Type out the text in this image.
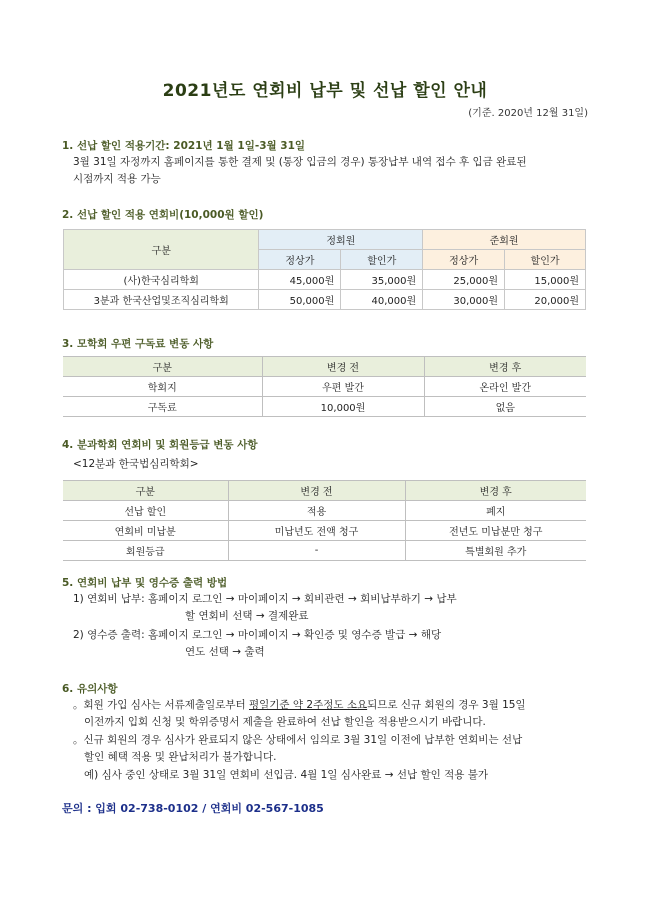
2021년도 연회비 납부 및 선납 할인 안내
(기준. 2020년 12월 31일)
1. 선납 할인 적용기간: 2021년 1월 1일-3월 31일
3월 31일 자정까지 홈페이지를 통한 결제 및 (통장 입금의 경우) 통장납부 내역 접수 후 입금 완료된
시점까지 적용 가능
2. 선납 할인 적용 연회비(10,000원 할인)
구분	정회원		준회원	
	정상가	할인가	정상가	할인가
(사)한국심리학회	45,000원	35,000원	25,000원	15,000원
3분과 한국산업및조직심리학회	50,000원	40,000원	30,000원	20,000원
3. 모학회 우편 구독료 변동 사항
구분	변경 전	변경 후
학회지	우편 발간	온라인 발간
구독료	10,000원	없음
4. 분과학회 연회비 및 회원등급 변동 사항
<12분과 한국법심리학회>
구분	변경 전	변경 후
선납 할인	적용	폐지
연회비 미납분	미납년도 전액 청구	전년도 미납분만 청구
회원등급	-	특별회원 추가
5. 연회비 납부 및 영수증 출력 방법
1) 연회비 납부: 홈페이지 로그인 → 마이페이지 → 회비관련 → 회비납부하기 → 납부
할 연회비 선택 → 결제완료
2) 영수증 출력: 홈페이지 로그인 → 마이페이지 → 확인증 및 영수증 발급 → 해당
연도 선택 → 출력
6. 유의사항
。회원 가입 심사는 서류제출일로부터 평일기준 약 2주정도 소요되므로 신규 회원의 경우 3월 15일
이전까지 입회 신청 및 학위증명서 제출을 완료하여 선납 할인을 적용받으시기 바랍니다.
。신규 회원의 경우 심사가 완료되지 않은 상태에서 임의로 3월 31일 이전에 납부한 연회비는 선납
할인 혜택 적용 및 완납처리가 불가합니다.
예) 심사 중인 상태로 3월 31일 연회비 선입금. 4월 1일 심사완료 → 선납 할인 적용 불가
문의 : 입회 02-738-0102 / 연회비 02-567-1085
